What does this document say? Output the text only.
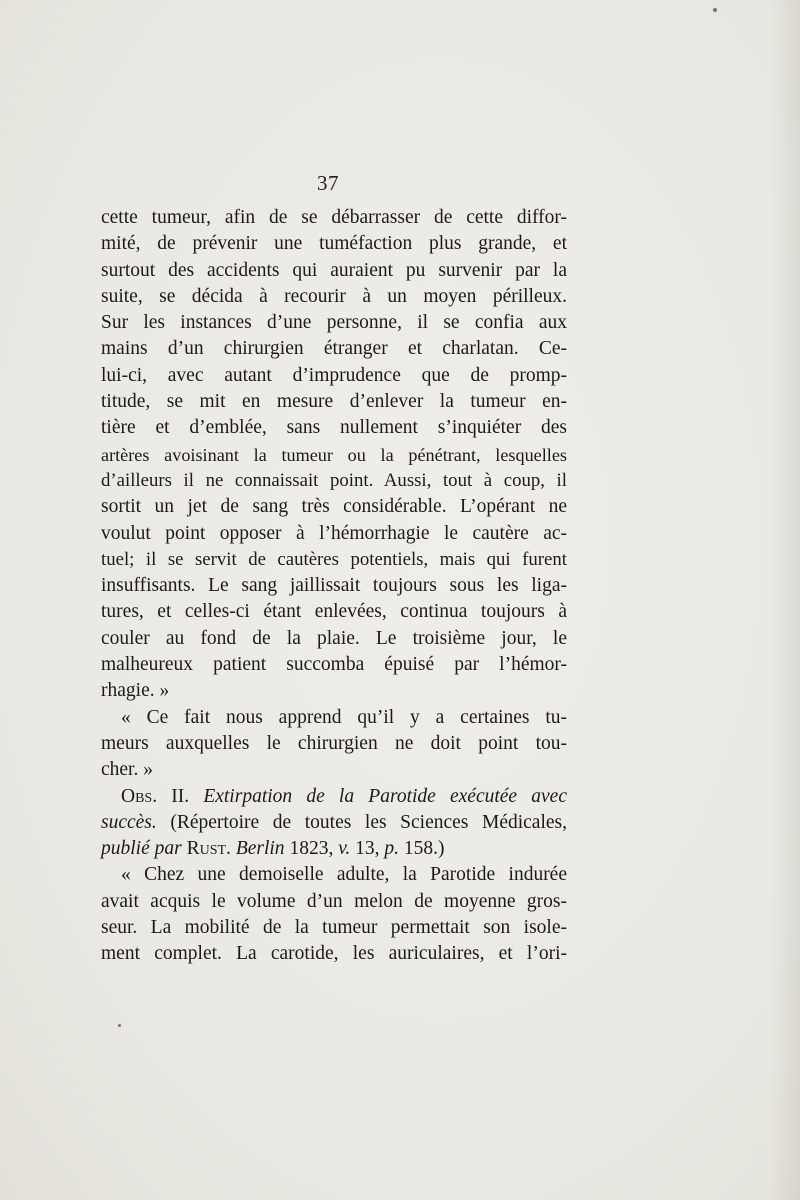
37
cette tumeur, afin de se débarrasser de cette diffor-
mité, de prévenir une tuméfaction plus grande, et
surtout des accidents qui auraient pu survenir par la
suite, se décida à recourir à un moyen périlleux.
Sur les instances d’une personne, il se confia aux
mains d’un chirurgien étranger et charlatan. Ce-
lui-ci, avec autant d’imprudence que de promp-
titude, se mit en mesure d’enlever la tumeur en-
tière et d’emblée, sans nullement s’inquiéter des
artères avoisinant la tumeur ou la pénétrant, lesquelles
d’ailleurs il ne connaissait point. Aussi, tout à coup, il
sortit un jet de sang très considérable. L’opérant ne
voulut point opposer à l’hémorrhagie le cautère ac-
tuel; il se servit de cautères potentiels, mais qui furent
insuffisants. Le sang jaillissait toujours sous les liga-
tures, et celles-ci étant enlevées, continua toujours à
couler au fond de la plaie. Le troisième jour, le
malheureux patient succomba épuisé par l’hémor-
rhagie. »
« Ce fait nous apprend qu’il y a certaines tu-
meurs auxquelles le chirurgien ne doit point tou-
cher. »
Obs. II. Extirpation de la Parotide exécutée avec
succès. (Répertoire de toutes les Sciences Médicales,
publié par Rust. Berlin 1823, v. 13, p. 158.)
« Chez une demoiselle adulte, la Parotide indurée
avait acquis le volume d’un melon de moyenne gros-
seur. La mobilité de la tumeur permettait son isole-
ment complet. La carotide, les auriculaires, et l’ori-
